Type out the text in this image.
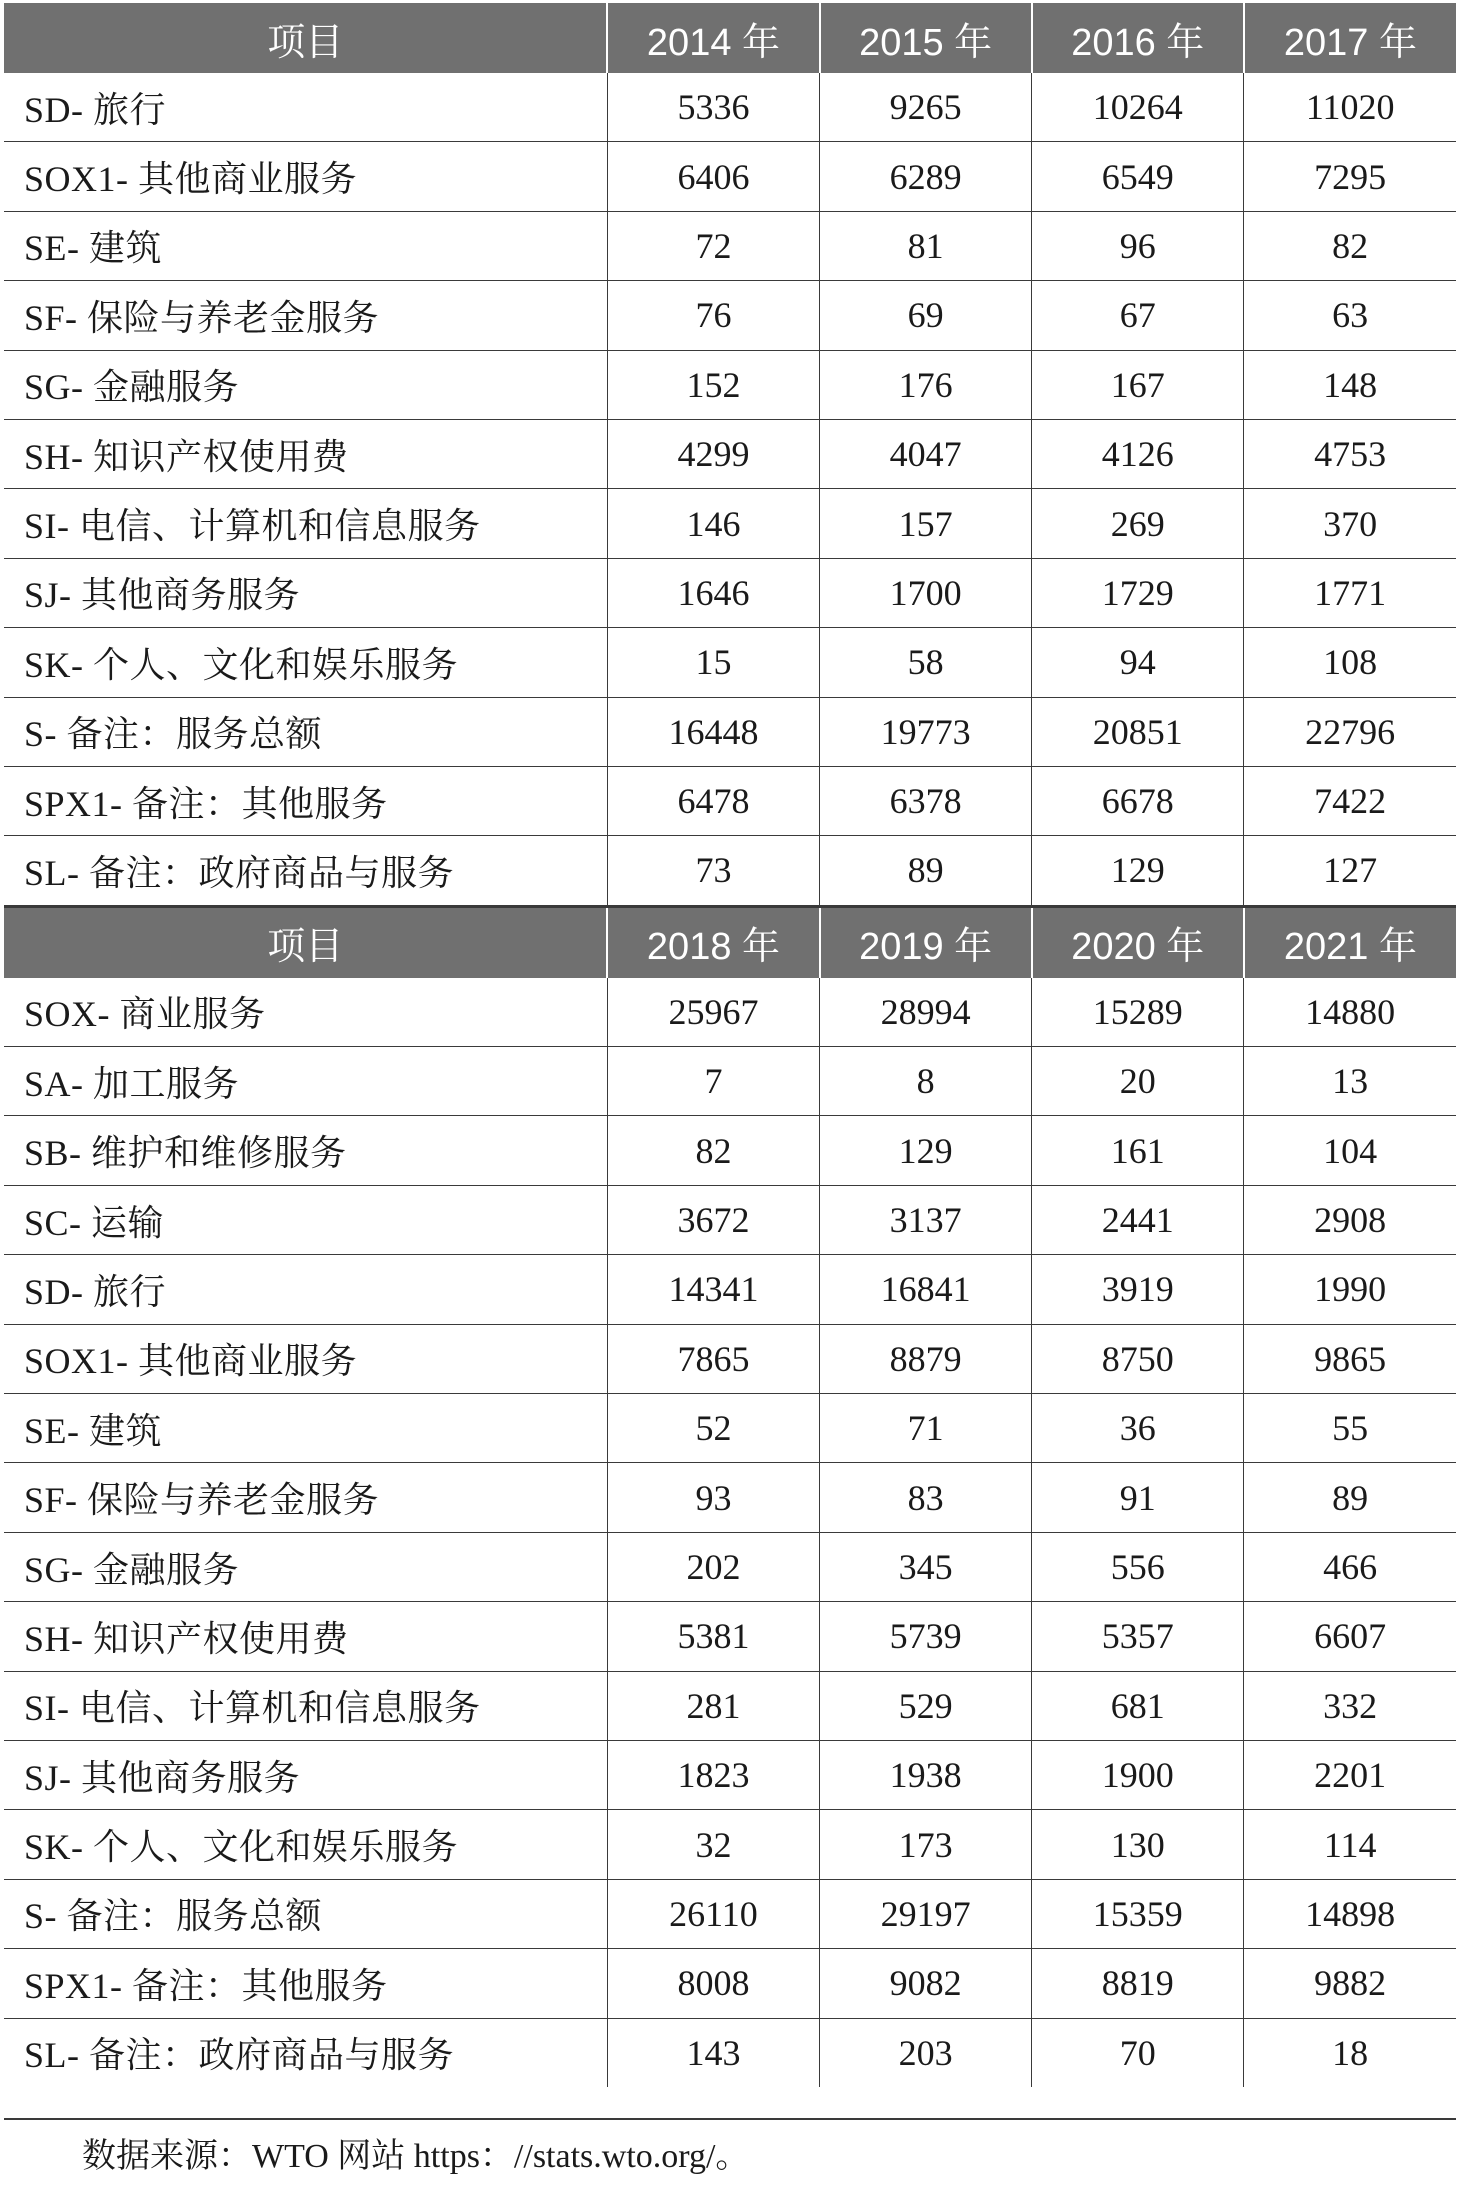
项目	2014 年	2015 年	2016 年	2017 年
SD- 旅行	5336	9265	10264	11020
SOX1- 其他商业服务	6406	6289	6549	7295
SE- 建筑	72	81	96	82
SF- 保险与养老金服务	76	69	67	63
SG- 金融服务	152	176	167	148
SH- 知识产权使用费	4299	4047	4126	4753
SI- 电信、计算机和信息服务	146	157	269	370
SJ- 其他商务服务	1646	1700	1729	1771
SK- 个人、文化和娱乐服务	15	58	94	108
S- 备注：服务总额	16448	19773	20851	22796
SPX1- 备注：其他服务	6478	6378	6678	7422
SL- 备注：政府商品与服务	73	89	129	127
项目	2018 年	2019 年	2020 年	2021 年
SOX- 商业服务	25967	28994	15289	14880
SA- 加工服务	7	8	20	13
SB- 维护和维修服务	82	129	161	104
SC- 运输	3672	3137	2441	2908
SD- 旅行	14341	16841	3919	1990
SOX1- 其他商业服务	7865	8879	8750	9865
SE- 建筑	52	71	36	55
SF- 保险与养老金服务	93	83	91	89
SG- 金融服务	202	345	556	466
SH- 知识产权使用费	5381	5739	5357	6607
SI- 电信、计算机和信息服务	281	529	681	332
SJ- 其他商务服务	1823	1938	1900	2201
SK- 个人、文化和娱乐服务	32	173	130	114
S- 备注：服务总额	26110	29197	15359	14898
SPX1- 备注：其他服务	8008	9082	8819	9882
SL- 备注：政府商品与服务	143	203	70	18
数据来源：WTO 网站 https：//stats.wto.org/。
